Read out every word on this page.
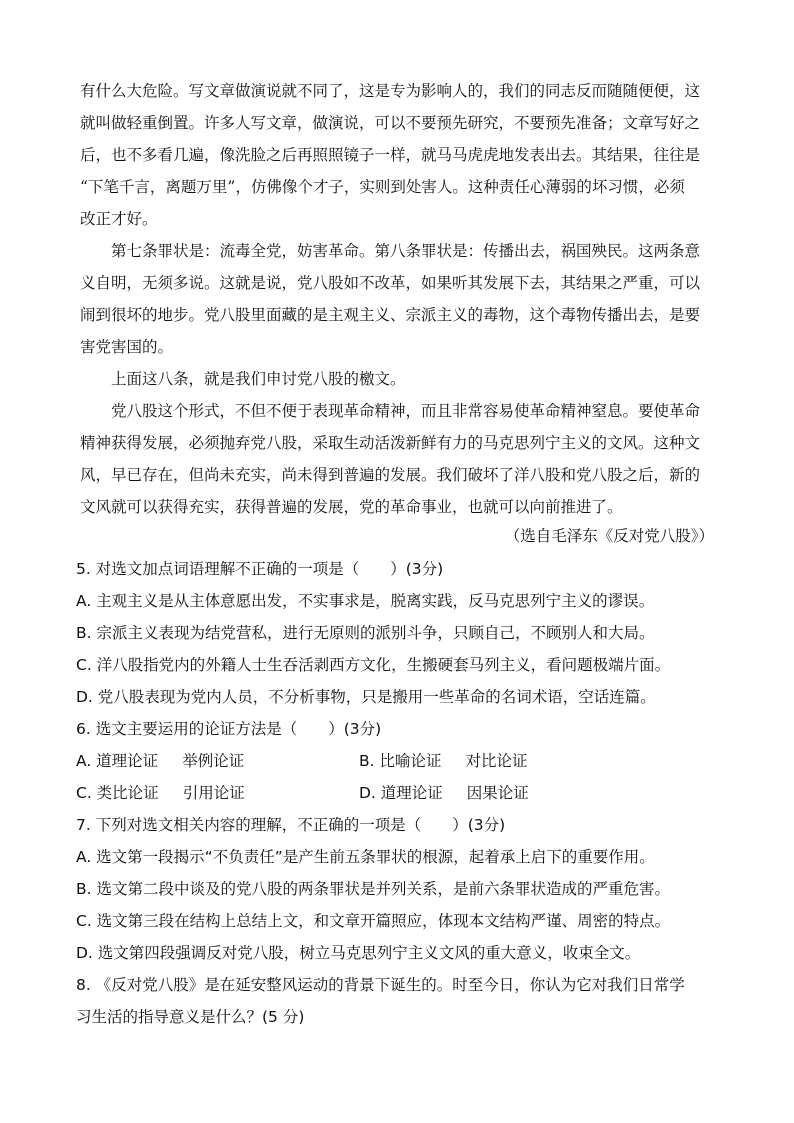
有什么大危险。写文章做演说就不同了，这是专为影响人的，我们的同志反而随随便便，这
就叫做轻重倒置。许多人写文章，做演说，可以不要预先研究，不要预先准备；文章写好之
后，也不多看几遍，像洗脸之后再照照镜子一样，就马马虎虎地发表出去。其结果，往往是
“下笔千言，离题万里”，仿佛像个才子，实则到处害人。这种责任心薄弱的坏习惯，必须
改正才好。
第七条罪状是：流毒全党，妨害革命。第八条罪状是：传播出去，祸国殃民。这两条意
义自明，无须多说。这就是说，党八股如不改革，如果听其发展下去，其结果之严重，可以
闹到很坏的地步。党八股里面藏的是主观主义、宗派主义的毒物，这个毒物传播出去，是要
害党害国的。
上面这八条，就是我们申讨党八股的檄文。
党八股这个形式，不但不便于表现革命精神，而且非常容易使革命精神窒息。要使革命
精神获得发展，必须抛弃党八股，采取生动活泼新鲜有力的马克思列宁主义的文风。这种文
风，早已存在，但尚未充实，尚未得到普遍的发展。我们破坏了洋八股和党八股之后，新的
文风就可以获得充实，获得普遍的发展，党的革命事业，也就可以向前推进了。
（选自毛泽东《反对党八股》）
5. 对选文加点词语理解不正确的一项是（　　）(3分)
A. 主观主义是从主体意愿出发，不实事求是，脱离实践，反马克思列宁主义的谬误。
B. 宗派主义表现为结党营私，进行无原则的派别斗争，只顾自己，不顾别人和大局。
C. 洋八股指党内的外籍人士生吞活剥西方文化，生搬硬套马列主义，看问题极端片面。
D. 党八股表现为党内人员，不分析事物，只是搬用一些革命的名词术语，空话连篇。
6. 选文主要运用的论证方法是（　　）(3分)
A. 道理论证 举例论证	B. 比喻论证 对比论证
C. 类比论证 引用论证	D. 道理论证 因果论证
7. 下列对选文相关内容的理解，不正确的一项是（　　）(3分)
A. 选文第一段揭示“不负责任”是产生前五条罪状的根源，起着承上启下的重要作用。
B. 选文第二段中谈及的党八股的两条罪状是并列关系，是前六条罪状造成的严重危害。
C. 选文第三段在结构上总结上文，和文章开篇照应，体现本文结构严谨、周密的特点。
D. 选文第四段强调反对党八股，树立马克思列宁主义文风的重大意义，收束全文。
8. 《反对党八股》是在延安整风运动的背景下诞生的。时至今日，你认为它对我们日常学
习生活的指导意义是什么？(5 分)
